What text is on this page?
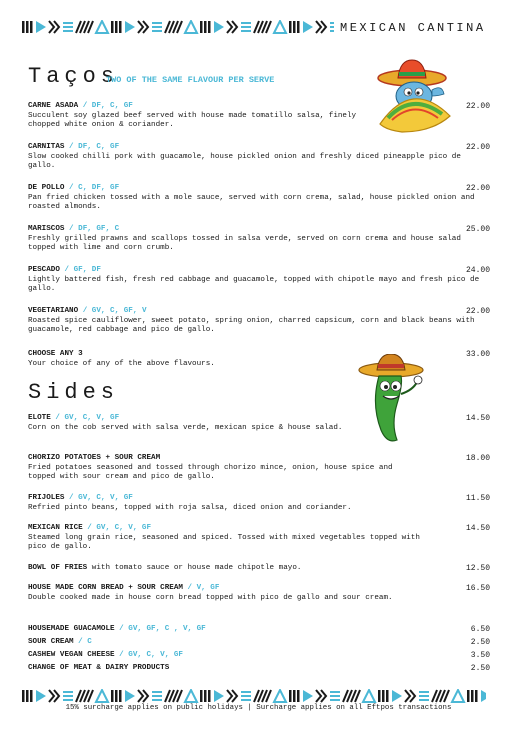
MEXICAN CANTINA
Taços
TWO OF THE SAME FLAVOUR PER SERVE
CARNE ASADA / DF, C, GF	22.00
Succulent soy glazed beef served with house made tomatillo salsa, finely chopped white onion & coriander.
CARNITAS / DF, C, GF	22.00
Slow cooked chilli pork with guacamole, house pickled onion and freshly diced pineapple pico de gallo.
DE POLLO / C, DF, GF	22.00
Pan fried chicken tossed with a mole sauce, served with corn crema, salad, house pickled onion and roasted almonds.
MARISCOS / DF, GF, C	25.00
Freshly grilled prawns and scallops tossed in salsa verde, served on corn crema and house salad topped with lime and corn crumb.
PESCADO / GF, DF	24.00
Lightly battered fish, fresh red cabbage and guacamole, topped with chipotle mayo and fresh pico de gallo.
VEGETARIANO / GV, C, GF, V	22.00
Roasted spice cauliflower, sweet potato, spring onion, charred capsicum, corn and black beans with guacamole, red cabbage and pico de gallo.
CHOOSE ANY 3	33.00
Your choice of any of the above flavours.
Sides
ELOTE / GV, C, V, GF	14.50
Corn on the cob served with salsa verde, mexican spice & house salad.
CHORIZO POTATOES + SOUR CREAM	18.00
Fried potatoes seasoned and tossed through chorizo mince, onion, house spice and topped with sour cream and pico de gallo.
FRIJOLES / GV, C, V, GF	11.50
Refried pinto beans, topped with roja salsa, diced onion and coriander.
MEXICAN RICE / GV, C, V, GF	14.50
Steamed long grain rice, seasoned and spiced. Tossed with mixed vegetables topped with pico de gallo.
BOWL OF FRIES with tomato sauce or house made chipotle mayo.	12.50
HOUSE MADE CORN BREAD + SOUR CREAM / V, GF	16.50
Double cooked made in house corn bread topped with pico de gallo and sour cream.
HOUSEMADE GUACAMOLE / GV, GF, C , V, GF	6.50
SOUR CREAM / C	2.50
CASHEW VEGAN CHEESE / GV, C, V, GF	3.50
CHANGE OF MEAT & DAIRY PRODUCTS	2.50
15% surcharge applies on public holidays | Surcharge applies on all Eftpos transactions
